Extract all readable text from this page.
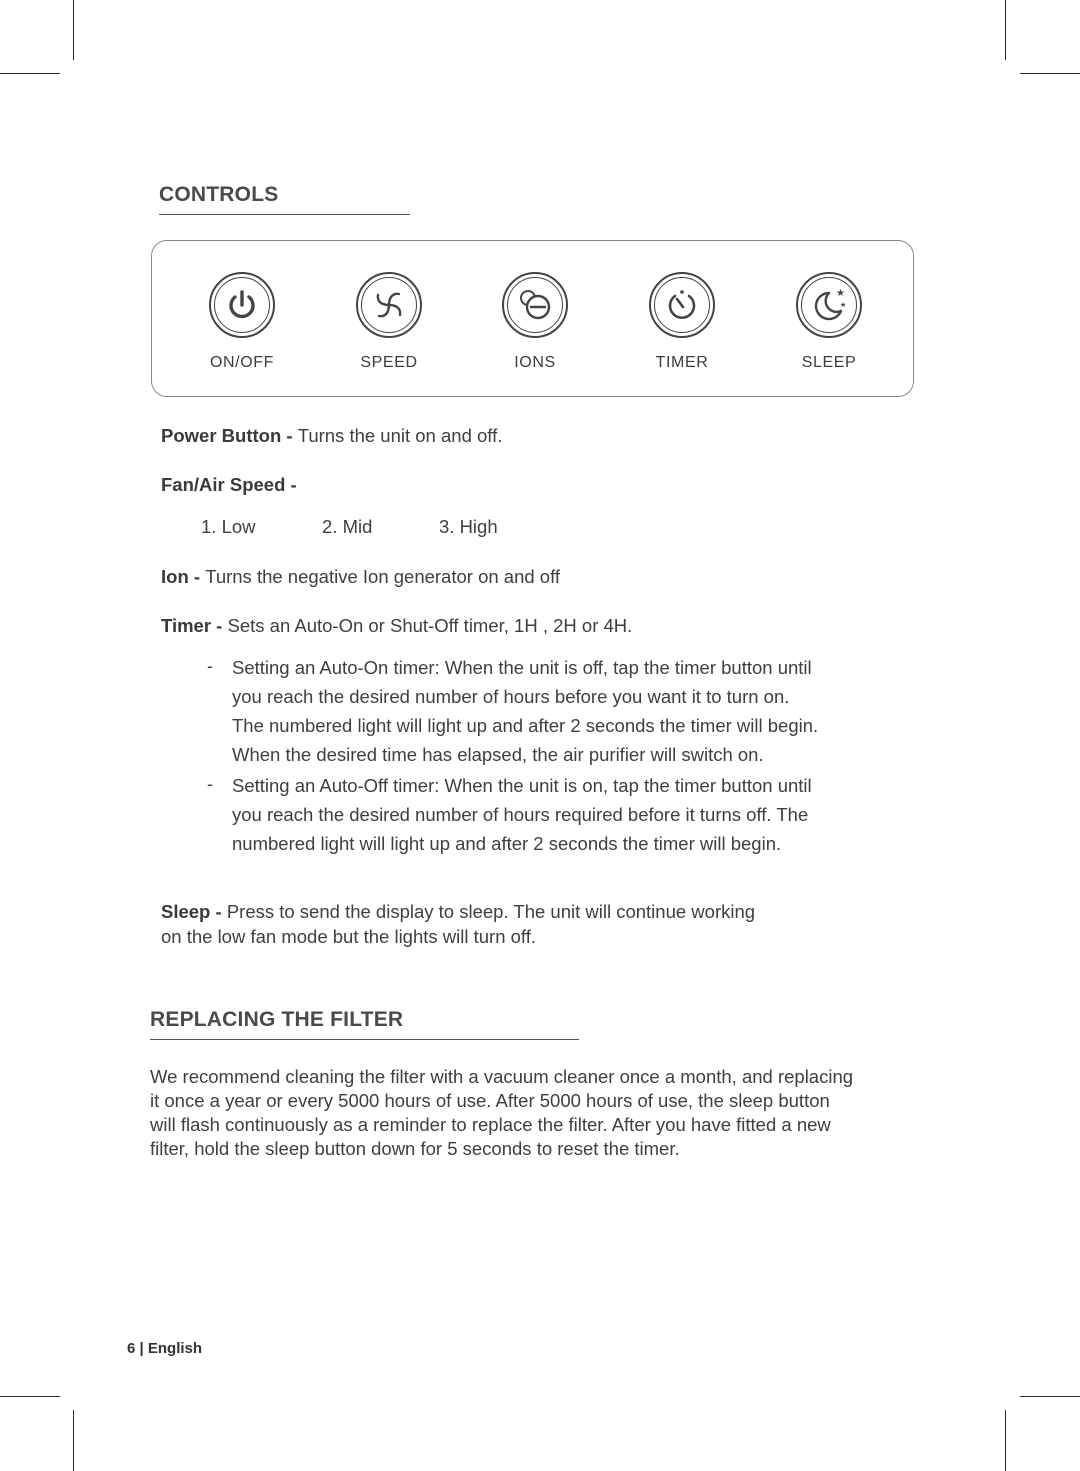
CONTROLS
ON/OFF	SPEED	IONS	TIMER
★
★
SLEEP
Power Button - Turns the unit on and off.
Fan/Air Speed -
1. Low	2. Mid	3. High
Ion - Turns the negative Ion generator on and off
Timer - Sets an Auto-On or Shut-Off timer, 1H , 2H or 4H.
- Setting an Auto-On timer: When the unit is off, tap the timer button until
you reach the desired number of hours before you want it to turn on.
The numbered light will light up and after 2 seconds the timer will begin.
When the desired time has elapsed, the air purifier will switch on.
- Setting an Auto-Off timer: When the unit is on, tap the timer button until
you reach the desired number of hours required before it turns off. The
numbered light will light up and after 2 seconds the timer will begin.
Sleep - Press to send the display to sleep. The unit will continue working
on the low fan mode but the lights will turn off.
REPLACING THE FILTER
We recommend cleaning the filter with a vacuum cleaner once a month, and replacing
it once a year or every 5000 hours of use. After 5000 hours of use, the sleep button
will flash continuously as a reminder to replace the filter. After you have fitted a new
filter, hold the sleep button down for 5 seconds to reset the timer.
6 | English
